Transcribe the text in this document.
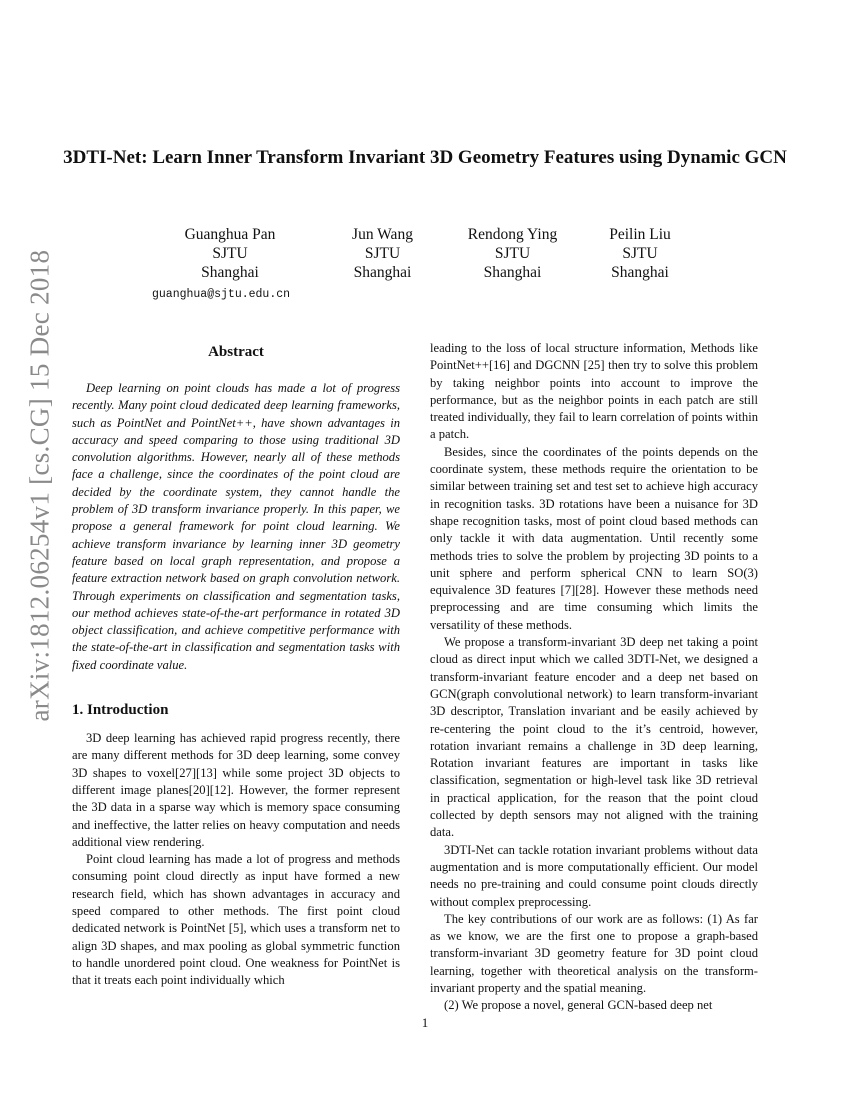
3DTI-Net: Learn Inner Transform Invariant 3D Geometry Features using Dynamic GCN
Guanghua Pan
SJTU
Shanghai
Jun Wang
SJTU
Shanghai
Rendong Ying
SJTU
Shanghai
Peilin Liu
SJTU
Shanghai
guanghua@sjtu.edu.cn
arXiv:1812.06254v1 [cs.CG] 15 Dec 2018	Abstract

Deep learning on point clouds has made a lot of progress recently. Many point cloud dedicated deep learning frameworks, such as PointNet and PointNet++, have shown advantages in accuracy and speed comparing to those using traditional 3D convolution algorithms. However, nearly all of these methods face a challenge, since the coordinates of the point cloud are decided by the coordinate system, they cannot handle the problem of 3D transform invariance properly. In this paper, we propose a general framework for point cloud learning. We achieve transform invariance by learning inner 3D geometry feature based on local graph representation, and propose a feature extraction network based on graph convolution network. Through experiments on classification and segmentation tasks, our method achieves state-of-the-art performance in rotated 3D object classification, and achieve competitive performance with the state-of-the-art in classification and segmentation tasks with fixed coordinate value.

1. Introduction

3D deep learning has achieved rapid progress recently, there are many different methods for 3D deep learning, some convey 3D shapes to voxel[27][13] while some project 3D objects to different image planes[20][12]. However, the former represent the 3D data in a sparse way which is memory space consuming and ineffective, the latter relies on heavy computation and needs additional view rendering.

Point cloud learning has made a lot of progress and methods consuming point cloud directly as input have formed a new research field, which has shown advantages in accuracy and speed compared to other methods. The first point cloud dedicated network is PointNet [5], which uses a transform net to align 3D shapes, and max pooling as global symmetric function to handle unordered point cloud. One weakness for PointNet is that it treats each point individually which

leading to the loss of local structure information, Methods like PointNet++[16] and DGCNN [25] then try to solve this problem by taking neighbor points into account to improve the performance, but as the neighbor points in each patch are still treated individually, they fail to learn correlation of points within a patch.

Besides, since the coordinates of the points depends on the coordinate system, these methods require the orientation to be similar between training set and test set to achieve high accuracy in recognition tasks. 3D rotations have been a nuisance for 3D shape recognition tasks, most of point cloud based methods can only tackle it with data augmentation. Until recently some methods tries to solve the problem by projecting 3D points to a unit sphere and perform spherical CNN to learn SO(3) equivalence 3D features [7][28]. However these methods need preprocessing and are time consuming which limits the versatility of these methods.

We propose a transform-invariant 3D deep net taking a point cloud as direct input which we called 3DTI-Net, we designed a transform-invariant feature encoder and a deep net based on GCN(graph convolutional network) to learn transform-invariant 3D descriptor, Translation invariant and be easily achieved by re-centering the point cloud to the it’s centroid, however, rotation invariant remains a challenge in 3D deep learning, Rotation invariant features are important in tasks like classification, segmentation or high-level task like 3D retrieval in practical application, for the reason that the point cloud collected by depth sensors may not aligned with the training data.

3DTI-Net can tackle rotation invariant problems without data augmentation and is more computationally efficient. Our model needs no pre-training and could consume point clouds directly without complex preprocessing.

The key contributions of our work are as follows: (1) As far as we know, we are the first one to propose a graph-based transform-invariant 3D geometry feature for 3D point cloud learning, together with theoretical analysis on the transform-invariant property and the spatial meaning.

(2) We propose a novel, general GCN-based deep net

1
